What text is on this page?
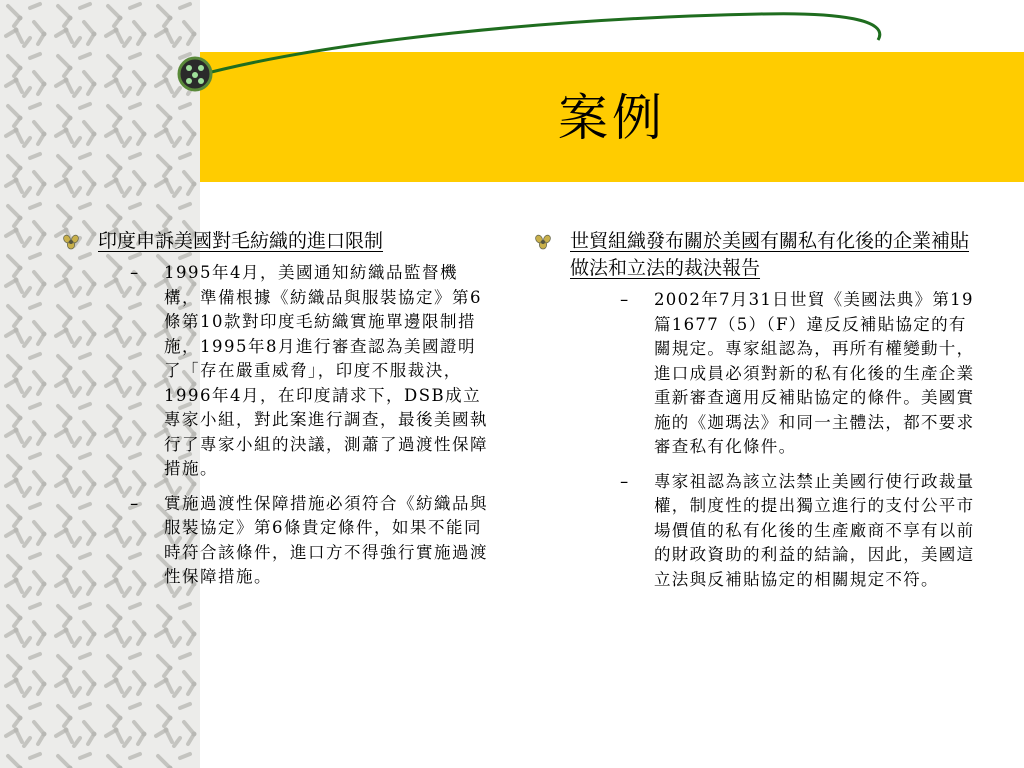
案例
印度申訴美國對毛紡織的進口限制
– 1995年4月，美國通知紡織品監督機構，準備根據《紡織品與服裝協定》第6條第10款對印度毛紡織實施單邊限制措施，1995年8月進行審查認為美國證明了「存在嚴重威脅」，印度不服裁決，1996年4月，在印度請求下，DSB成立專家小組，對此案進行調查，最後美國執行了專家小組的決議，測蕭了過渡性保障措施。
– 實施過渡性保障措施必須符合《紡織品與服裝協定》第6條貴定條件，如果不能同時符合該條件，進口方不得強行實施過渡性保障措施。
世貿組織發布關於美國有關私有化後的企業補貼做法和立法的裁決報告
– 2002年7月31日世貿《美國法典》第19篇1677（5）（F）違反反補貼協定的有關規定。專家組認為，再所有權變動十，進口成員必須對新的私有化後的生產企業重新審查適用反補貼協定的條件。美國實施的《迦瑪法》和同一主體法，都不要求審查私有化條件。
– 專家祖認為該立法禁止美國行使行政裁量權，制度性的提出獨立進行的支付公平市場價值的私有化後的生產廠商不享有以前的財政資助的利益的結論，因此，美國這立法與反補貼協定的相關規定不符。
